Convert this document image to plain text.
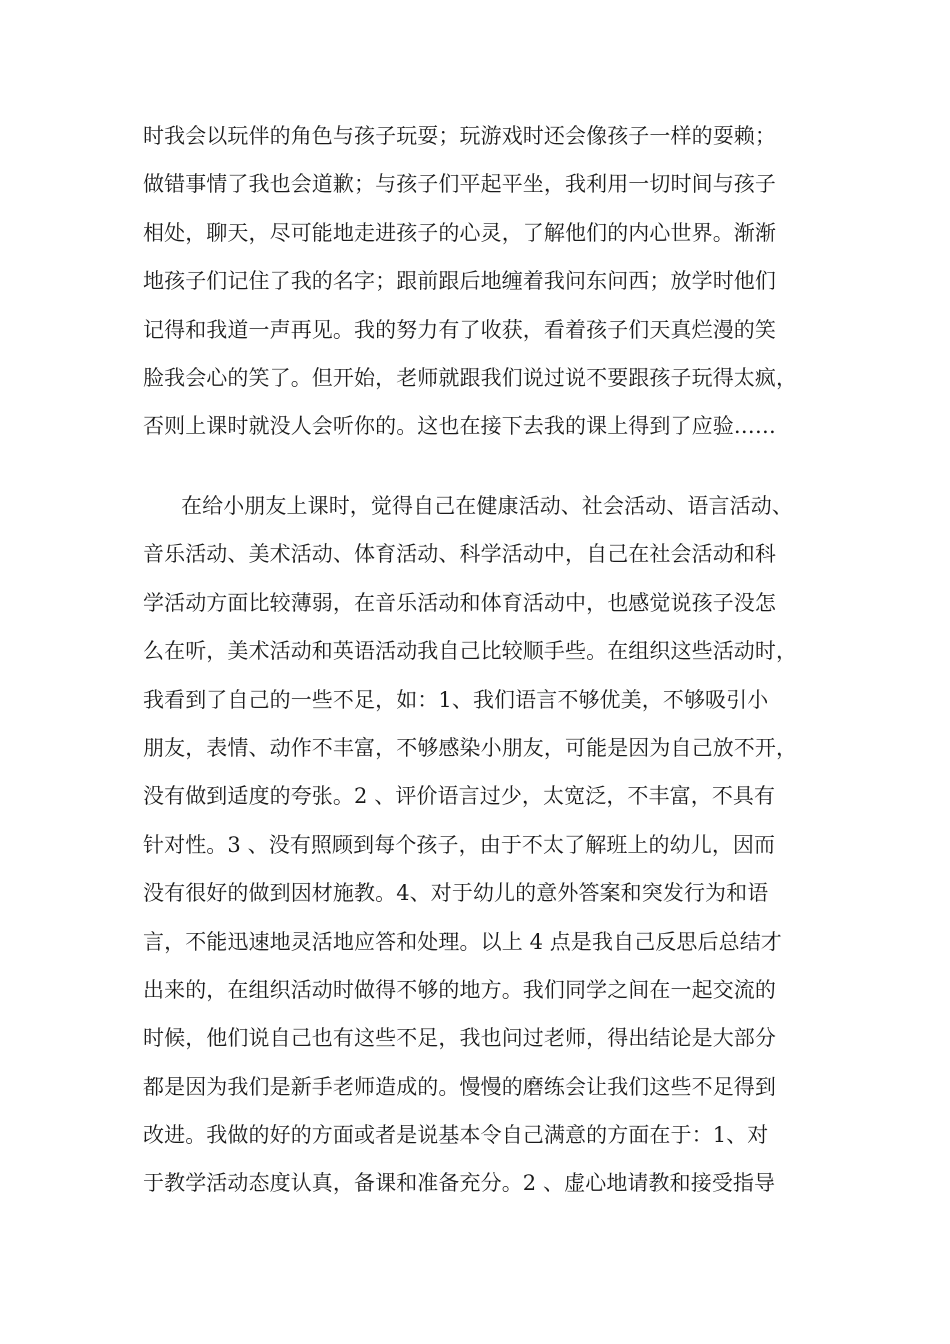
时我会以玩伴的角色与孩子玩耍；玩游戏时还会像孩子一样的耍赖；
做错事情了我也会道歉；与孩子们平起平坐，我利用一切时间与孩子
相处，聊天，尽可能地走进孩子的心灵，了解他们的内心世界。渐渐
地孩子们记住了我的名字；跟前跟后地缠着我问东问西；放学时他们
记得和我道一声再见。我的努力有了收获，看着孩子们天真烂漫的笑
脸我会心的笑了。但开始，老师就跟我们说过说不要跟孩子玩得太疯，
否则上课时就没人会听你的。这也在接下去我的课上得到了应验……
在给小朋友上课时，觉得自己在健康活动、社会活动、语言活动、
音乐活动、美术活动、体育活动、科学活动中，自己在社会活动和科
学活动方面比较薄弱，在音乐活动和体育活动中，也感觉说孩子没怎
么在听，美术活动和英语活动我自己比较顺手些。在组织这些活动时，
我看到了自己的一些不足，如：1、我们语言不够优美，不够吸引小
朋友，表情、动作不丰富，不够感染小朋友，可能是因为自己放不开，
没有做到适度的夸张。2 、评价语言过少，太宽泛，不丰富，不具有
针对性。3 、没有照顾到每个孩子，由于不太了解班上的幼儿，因而
没有很好的做到因材施教。4、对于幼儿的意外答案和突发行为和语
言，不能迅速地灵活地应答和处理。以上 4 点是我自己反思后总结才
出来的，在组织活动时做得不够的地方。我们同学之间在一起交流的
时候，他们说自己也有这些不足，我也问过老师，得出结论是大部分
都是因为我们是新手老师造成的。慢慢的磨练会让我们这些不足得到
改进。我做的好的方面或者是说基本令自己满意的方面在于：1、对
于教学活动态度认真，备课和准备充分。2 、虚心地请教和接受指导
